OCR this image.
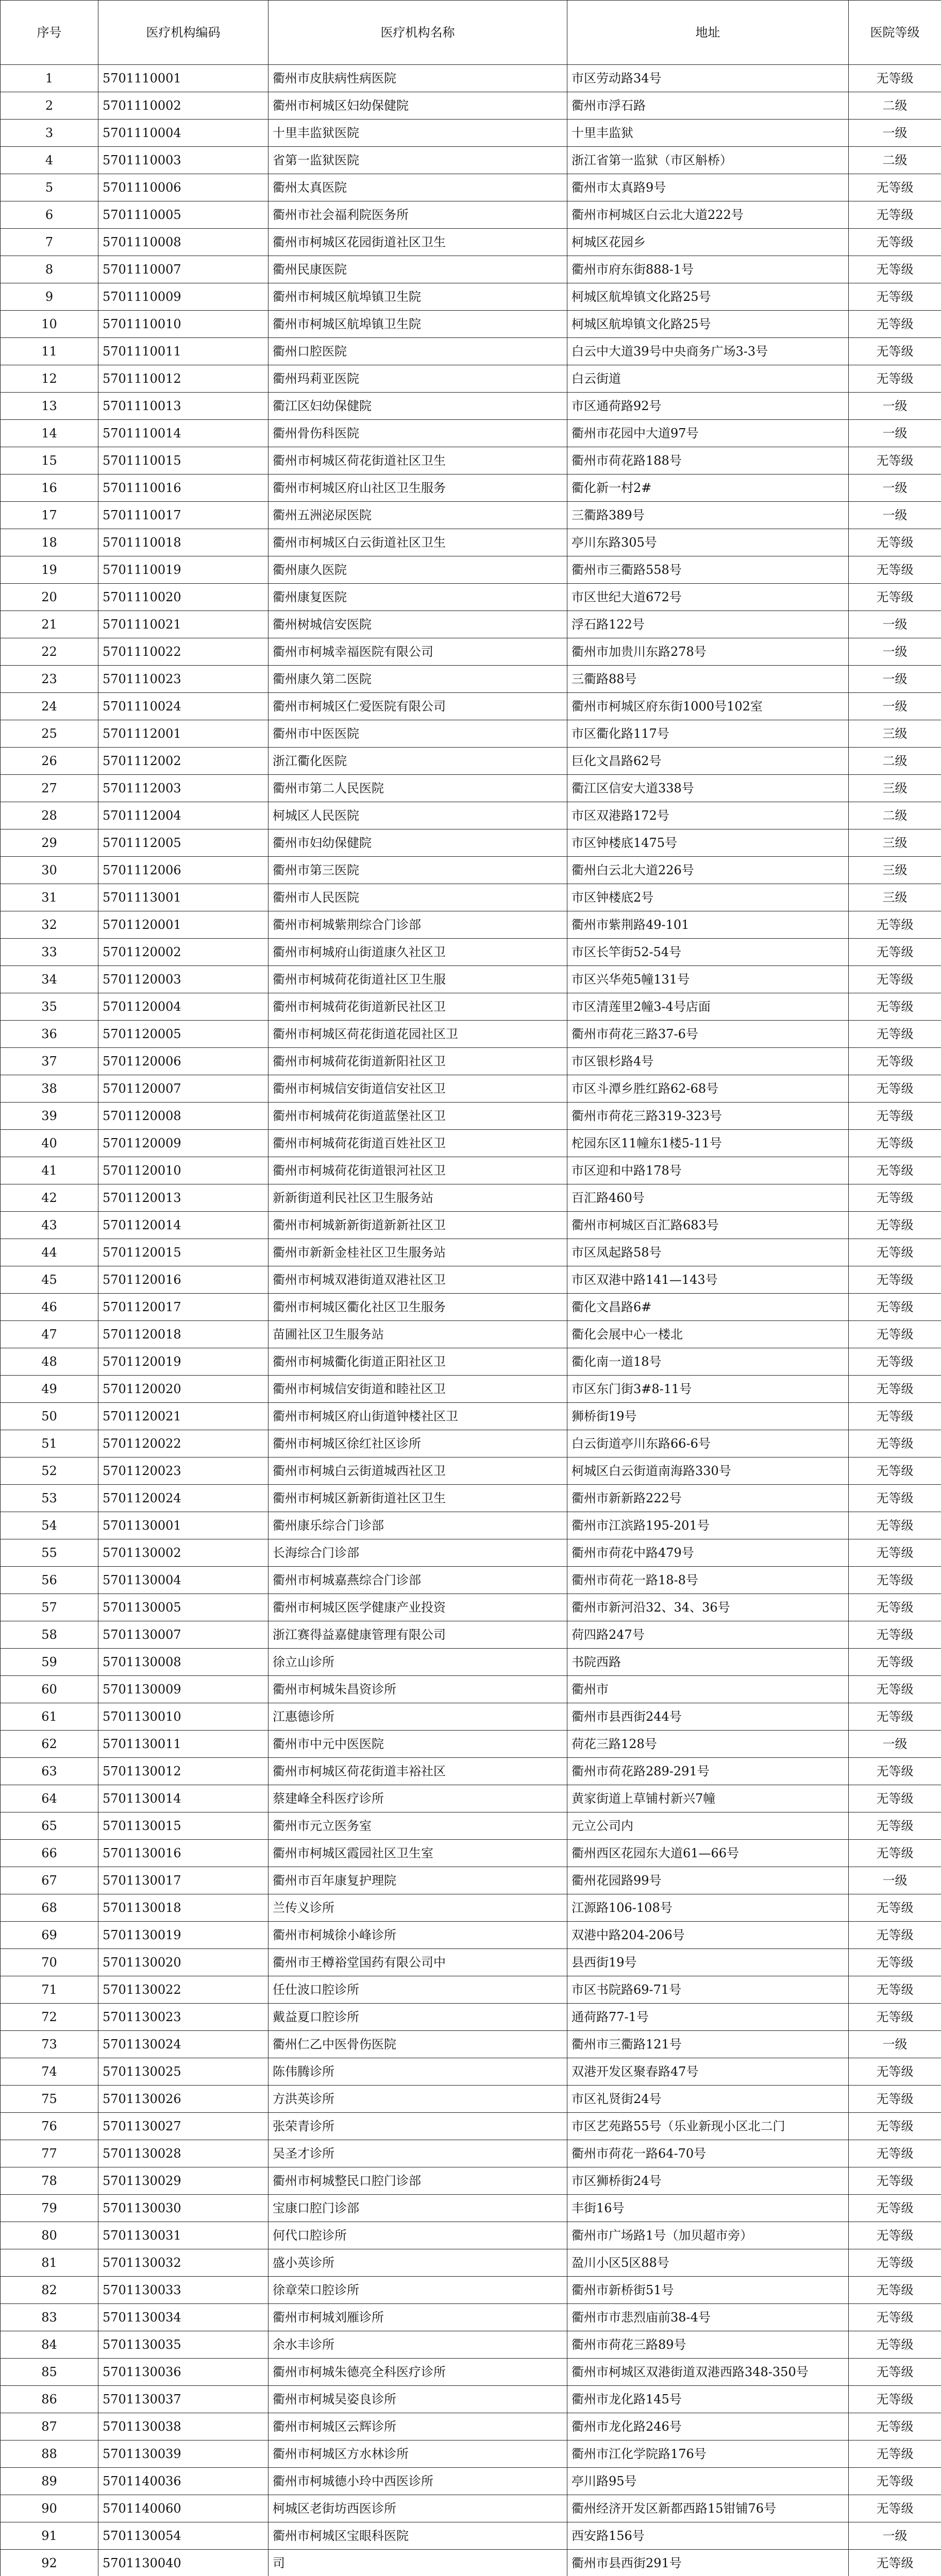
序号	医疗机构编码	医疗机构名称	地址	医院等级
1	5701110001	衢州市皮肤病性病医院	市区劳动路34号	无等级
2	5701110002	衢州市柯城区妇幼保健院	衢州市浮石路	二级
3	5701110004	十里丰监狱医院	十里丰监狱	一级
4	5701110003	省第一监狱医院	浙江省第一监狱（市区斛桥）	二级
5	5701110006	衢州太真医院	衢州市太真路9号	无等级
6	5701110005	衢州市社会福利院医务所	衢州市柯城区白云北大道222号	无等级
7	5701110008	衢州市柯城区花园街道社区卫生	柯城区花园乡	无等级
8	5701110007	衢州民康医院	衢州市府东街888-1号	无等级
9	5701110009	衢州市柯城区航埠镇卫生院	柯城区航埠镇文化路25号	无等级
10	5701110010	衢州市柯城区航埠镇卫生院	柯城区航埠镇文化路25号	无等级
11	5701110011	衢州口腔医院	白云中大道39号中央商务广场3-3号	无等级
12	5701110012	衢州玛莉亚医院	白云街道	无等级
13	5701110013	衢江区妇幼保健院	市区通荷路92号	一级
14	5701110014	衢州骨伤科医院	衢州市花园中大道97号	一级
15	5701110015	衢州市柯城区荷花街道社区卫生	衢州市荷花路188号	无等级
16	5701110016	衢州市柯城区府山社区卫生服务	衢化新一村2#	一级
17	5701110017	衢州五洲泌尿医院	三衢路389号	一级
18	5701110018	衢州市柯城区白云街道社区卫生	亭川东路305号	无等级
19	5701110019	衢州康久医院	衢州市三衢路558号	无等级
20	5701110020	衢州康复医院	市区世纪大道672号	无等级
21	5701110021	衢州树城信安医院	浮石路122号	一级
22	5701110022	衢州市柯城幸福医院有限公司	衢州市加贵川东路278号	一级
23	5701110023	衢州康久第二医院	三衢路88号	一级
24	5701110024	衢州市柯城区仁爱医院有限公司	衢州市柯城区府东街1000号102室	一级
25	5701112001	衢州市中医医院	市区衢化路117号	三级
26	5701112002	浙江衢化医院	巨化文昌路62号	二级
27	5701112003	衢州市第二人民医院	衢江区信安大道338号	三级
28	5701112004	柯城区人民医院	市区双港路172号	二级
29	5701112005	衢州市妇幼保健院	市区钟楼底1475号	三级
30	5701112006	衢州市第三医院	衢州白云北大道226号	三级
31	5701113001	衢州市人民医院	市区钟楼底2号	三级
32	5701120001	衢州市柯城紫荆综合门诊部	衢州市紫荆路49-101	无等级
33	5701120002	衢州市柯城府山街道康久社区卫	市区长竿街52-54号	无等级
34	5701120003	衢州市柯城荷花街道社区卫生服	市区兴华苑5幢131号	无等级
35	5701120004	衢州市柯城荷花街道新民社区卫	市区清莲里2幢3-4号店面	无等级
36	5701120005	衢州市柯城区荷花街道花园社区卫	衢州市荷花三路37-6号	无等级
37	5701120006	衢州市柯城荷花街道新阳社区卫	市区银杉路4号	无等级
38	5701120007	衢州市柯城信安街道信安社区卫	市区斗潭乡胜红路62-68号	无等级
39	5701120008	衢州市柯城荷花街道蓝堡社区卫	衢州市荷花三路319-323号	无等级
40	5701120009	衢州市柯城荷花街道百姓社区卫	柁园东区11幢东1楼5-11号	无等级
41	5701120010	衢州市柯城荷花街道银河社区卫	市区迎和中路178号	无等级
42	5701120013	新新街道利民社区卫生服务站	百汇路460号	无等级
43	5701120014	衢州市柯城新新街道新新社区卫	衢州市柯城区百汇路683号	无等级
44	5701120015	衢州市新新金桂社区卫生服务站	市区凤起路58号	无等级
45	5701120016	衢州市柯城双港街道双港社区卫	市区双港中路141—143号	无等级
46	5701120017	衢州市柯城区衢化社区卫生服务	衢化文昌路6#	无等级
47	5701120018	苗圃社区卫生服务站	衢化会展中心一楼北	无等级
48	5701120019	衢州市柯城衢化街道正阳社区卫	衢化南一道18号	无等级
49	5701120020	衢州市柯城信安街道和睦社区卫	市区东门街3#8-11号	无等级
50	5701120021	衢州市柯城区府山街道钟楼社区卫	狮桥街19号	无等级
51	5701120022	衢州市柯城区徐红社区诊所	白云街道亭川东路66-6号	无等级
52	5701120023	衢州市柯城白云街道城西社区卫	柯城区白云街道南海路330号	无等级
53	5701120024	衢州市柯城区新新街道社区卫生	衢州市新新路222号	无等级
54	5701130001	衢州康乐综合门诊部	衢州市江滨路195-201号	无等级
55	5701130002	长海综合门诊部	衢州市荷花中路479号	无等级
56	5701130004	衢州市柯城嘉燕综合门诊部	衢州市荷花一路18-8号	无等级
57	5701130005	衢州市柯城区医学健康产业投资	衢州市新河沿32、34、36号	无等级
58	5701130007	浙江赛得益嘉健康管理有限公司	荷四路247号	无等级
59	5701130008	徐立山诊所	书院西路	无等级
60	5701130009	衢州市柯城朱昌资诊所	衢州市	无等级
61	5701130010	江惠德诊所	衢州市县西街244号	无等级
62	5701130011	衢州市中元中医医院	荷花三路128号	一级
63	5701130012	衢州市柯城区荷花街道丰裕社区	衢州市荷花路289-291号	无等级
64	5701130014	蔡建峰全科医疗诊所	黄家街道上草铺村新兴7幢	无等级
65	5701130015	衢州市元立医务室	元立公司内	无等级
66	5701130016	衢州市柯城区霞园社区卫生室	衢州西区花园东大道61—66号	无等级
67	5701130017	衢州市百年康复护理院	衢州花园路99号	一级
68	5701130018	兰传义诊所	江源路106-108号	无等级
69	5701130019	衢州市柯城徐小峰诊所	双港中路204-206号	无等级
70	5701130020	衢州市王樽裕堂国药有限公司中	县西街19号	无等级
71	5701130022	任仕波口腔诊所	市区书院路69-71号	无等级
72	5701130023	戴益夏口腔诊所	通荷路77-1号	无等级
73	5701130024	衢州仁乙中医骨伤医院	衢州市三衢路121号	一级
74	5701130025	陈伟腾诊所	双港开发区聚春路47号	无等级
75	5701130026	方洪英诊所	市区礼贤街24号	无等级
76	5701130027	张荣青诊所	市区艺苑路55号（乐业新现小区北二门	无等级
77	5701130028	吴圣才诊所	衢州市荷花一路64-70号	无等级
78	5701130029	衢州市柯城整民口腔门诊部	市区狮桥街24号	无等级
79	5701130030	宝康口腔门诊部	丰街16号	无等级
80	5701130031	何代口腔诊所	衢州市广场路1号（加贝超市旁）	无等级
81	5701130032	盛小英诊所	盈川小区5区88号	无等级
82	5701130033	徐章荣口腔诊所	衢州市新桥街51号	无等级
83	5701130034	衢州市柯城刘雁诊所	衢州市市悲烈庙前38-4号	无等级
84	5701130035	余水丰诊所	衢州市荷花三路89号	无等级
85	5701130036	衢州市柯城朱德亮全科医疗诊所	衢州市柯城区双港街道双港西路348-350号	无等级
86	5701130037	衢州市柯城吴姿良诊所	衢州市龙化路145号	无等级
87	5701130038	衢州市柯城区云辉诊所	衢州市龙化路246号	无等级
88	5701130039	衢州市柯城区方水林诊所	衢州市江化学院路176号	无等级
89	5701140036	衢州市柯城德小玲中西医诊所	亭川路95号	无等级
90	5701140060	柯城区老街坊西医诊所	衢州经济开发区新都西路15钳铺76号	无等级
91	5701130054	衢州市柯城区宝眼科医院	西安路156号	一级
92	5701130040	司	衢州市县西街291号	无等级
